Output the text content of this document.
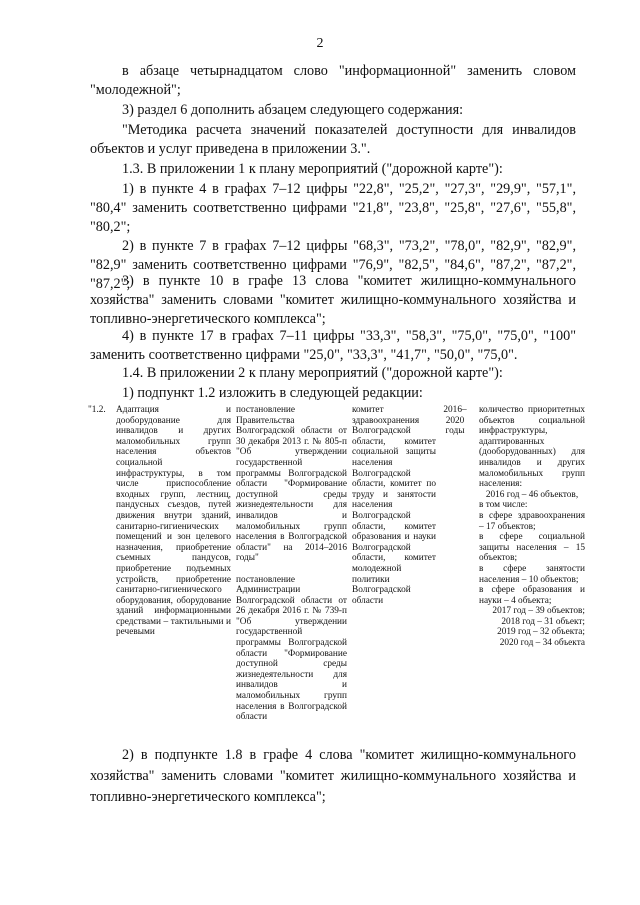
2

в абзаце четырнадцатом слово "информационной" заменить словом "молодежной";

3) раздел 6 дополнить абзацем следующего содержания:

"Методика расчета значений показателей доступности для инвалидов объектов и услуг приведена в приложении 3.".

1.3. В приложении 1 к плану мероприятий ("дорожной карте"):

1) в пункте 4 в графах 7–12 цифры "22,8", "25,2", "27,3", "29,9", "57,1", "80,4" заменить соответственно цифрами "21,8", "23,8", "25,8", "27,6", "55,8", "80,2";

2) в пункте 7 в графах 7–12 цифры "68,3", "73,2", "78,0", "82,9", "82,9", "82,9" заменить соответственно цифрами "76,9", "82,5", "84,6", "87,2", "87,2", "87,2";

3) в пункте 10 в графе 13 слова "комитет жилищно-коммунального хозяйства" заменить словами "комитет жилищно-коммунального хозяйства и топливно-энергетического комплекса";

4) в пункте 17 в графах 7–11 цифры "33,3", "58,3", "75,0", "75,0", "100" заменить соответственно цифрами "25,0", "33,3", "41,7", "50,0", "75,0".

1.4. В приложении 2 к плану мероприятий ("дорожной карте"):

1) подпункт 1.2 изложить в следующей редакции:

"1.2.	Адаптация и дооборудование для инвалидов и других маломобильных групп населения объектов социальной инфраструктуры, в том числе приспособление входных групп, лестниц, пандусных съездов, путей движения внутри зданий, санитарно-гигиенических помещений и зон целевого назначения, приобретение съемных пандусов, приобретение подъемных устройств, приобретение санитарно-гигиенического оборудования, оборудование зданий информационными средствами – тактильными и речевыми
постановление Правительства Волгоградской области от 30 декабря 2013 г. № 805-п "Об утверждении государственной программы Волгоградской области "Формирование доступной среды жизнедеятельности для инвалидов и маломобильных групп населения в Волгоградской области" на 2014–2016 годы"
постановление Администрации Волгоградской области от 26 декабря 2016 г. № 739-п "Об утверждении государственной программы Волгоградской области "Формирование доступной среды жизнедеятельности для инвалидов и маломобильных групп населения в Волгоградской области
комитет здравоохранения Волгоградской области, комитет социальной защиты населения Волгоградской области, комитет по труду и занятости населения Волгоградской области, комитет образования и науки Волгоградской области, комитет молодежной политики Волгоградской области
2016–2020 годы
количество приоритетных объектов социальной инфраструктуры, адаптированных (дооборудованных) для инвалидов и других маломобильных групп населения:
2016 год – 46 объектов,
в том числе:
в сфере здравоохранения – 17 объектов;
в сфере социальной защиты населения – 15 объектов;
в сфере занятости населения – 10 объектов;
в сфере образования и науки – 4 объекта;
2017 год – 39 объектов;
2018 год – 31 объект;
2019 год – 32 объекта;
2020 год – 34 объекта

2) в подпункте 1.8 в графе 4 слова "комитет жилищно-коммунального хозяйства" заменить словами "комитет жилищно-коммунального хозяйства и топливно-энергетического комплекса";
